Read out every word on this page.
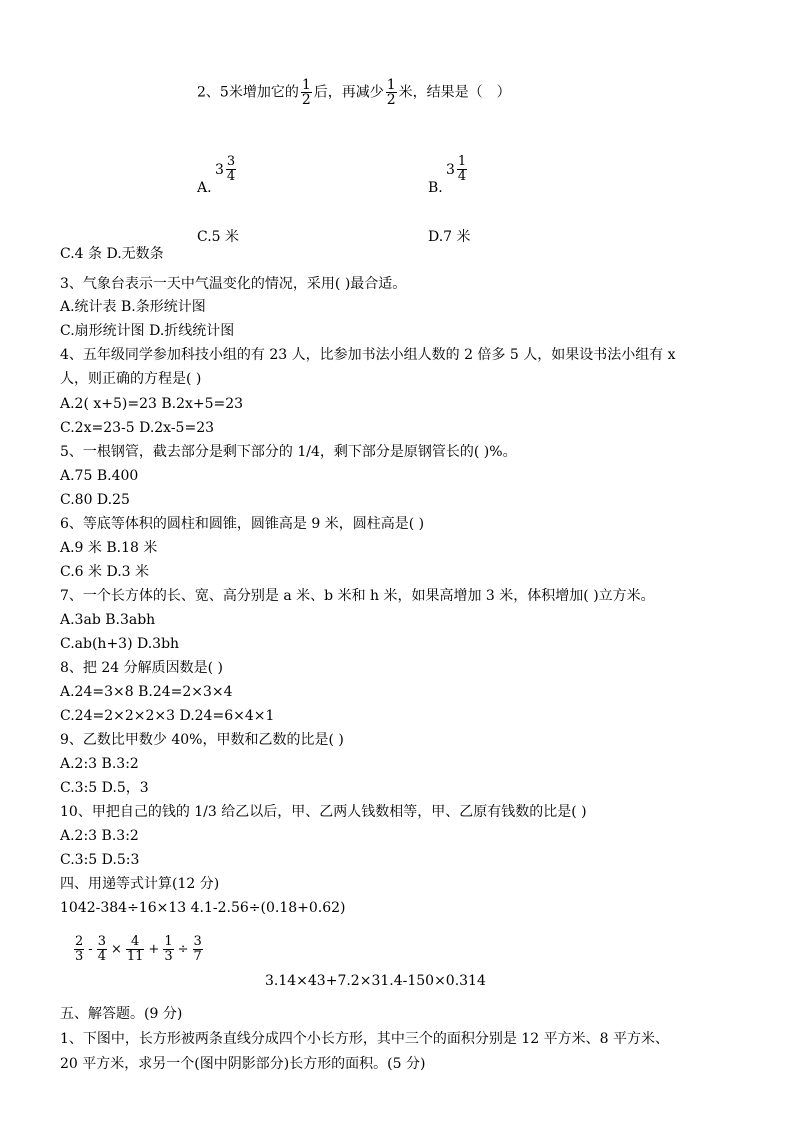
2、5米增加它的 $\frac{1}{2}$ 后，再减少 $\frac{1}{2}$ 米，结果是（　）
A.
$3 \frac{3}{4}$
B.
$3 \frac{1}{4}$
C.5 米	D.7 米
C.4 条 D.无数条
3、气象台表示一天中气温变化的情况，采用( )最合适。
A.统计表 B.条形统计图
C.扇形统计图 D.折线统计图
4、五年级同学参加科技小组的有 23 人，比参加书法小组人数的 2 倍多 5 人，如果设书法小组有 x
人，则正确的方程是( )
A.2( x+5)=23 B.2x+5=23
C.2x=23-5 D.2x-5=23
5、一根钢管，截去部分是剩下部分的 1/4，剩下部分是原钢管长的( )%。
A.75 B.400
C.80 D.25
6、等底等体积的圆柱和圆锥，圆锥高是 9 米，圆柱高是( )
A.9 米 B.18 米
C.6 米 D.3 米
7、一个长方体的长、宽、高分别是 a 米、b 米和 h 米，如果高增加 3 米，体积增加( )立方米。
A.3ab B.3abh
C.ab(h+3) D.3bh
8、把 24 分解质因数是( )
A.24=3×8 B.24=2×3×4
C.24=2×2×2×3 D.24=6×4×1
9、乙数比甲数少 40%，甲数和乙数的比是( )
A.2:3 B.3:2
C.3:5 D.5，3
10、甲把自己的钱的 1/3 给乙以后，甲、乙两人钱数相等，甲、乙原有钱数的比是( )
A.2:3 B.3:2
C.3:5 D.5:3
四、用递等式计算(12 分)
1042-384÷16×13 4.1-2.56÷(0.18+0.62)
$\frac{2}{3} - \frac{3}{4} \times \frac{4}{11} + \frac{1}{3} \div \frac{3}{7}$
3.14×43+7.2×31.4-150×0.314
五、解答题。(9 分)
1、下图中，长方形被两条直线分成四个小长方形，其中三个的面积分别是 12 平方米、8 平方米、
20 平方米，求另一个(图中阴影部分)长方形的面积。(5 分)
